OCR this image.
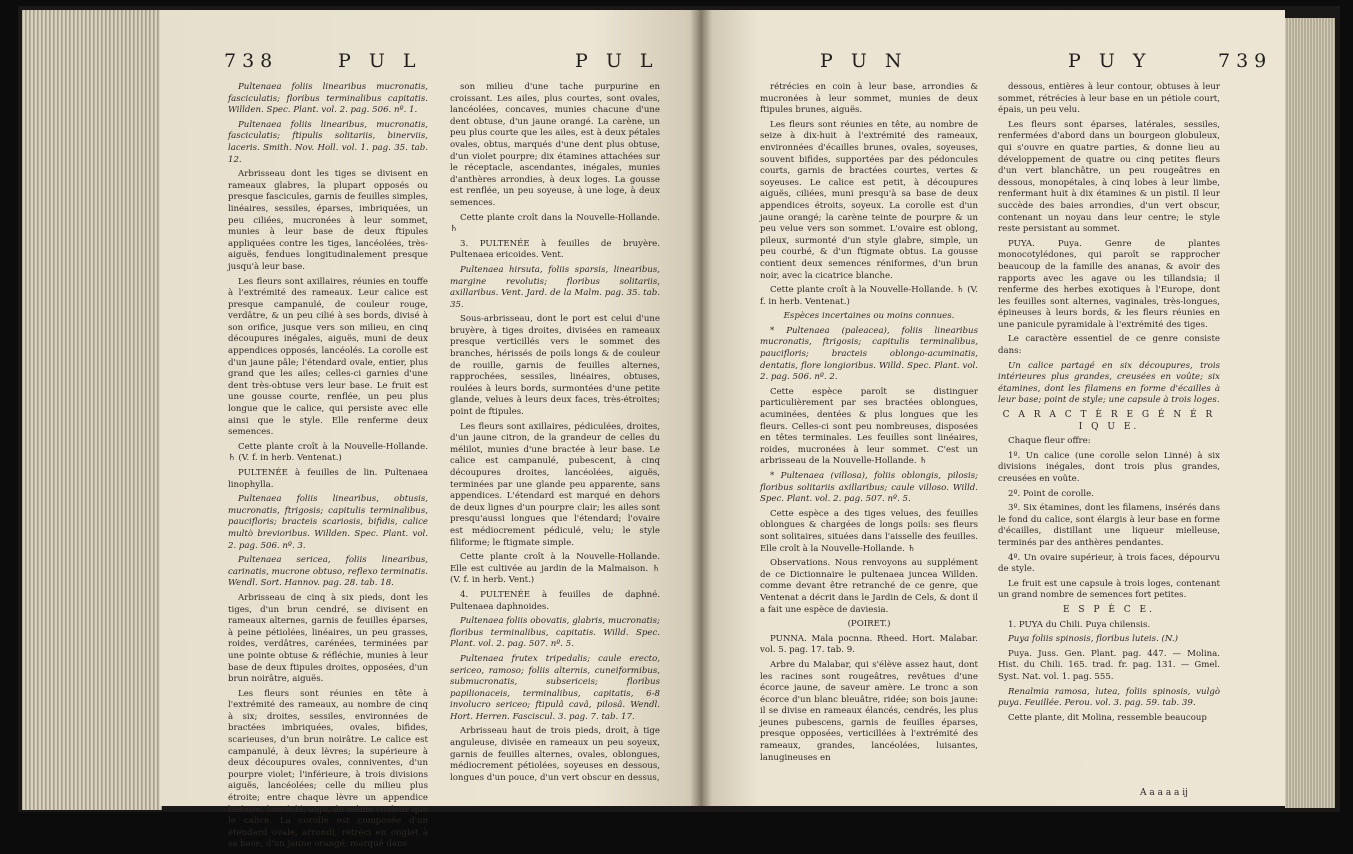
738	P U L	P U L

Pultenaea foliis linearibus mucronatis, fasciculatis; floribus terminalibus capitatis. Willden. Spec. Plant. vol. 2. pag. 506. nº. 1.

Pultenaea foliis linearibus, mucronatis, fasciculatis; ftipulis solitariis, binerviis, laceris. Smith. Nov. Holl. vol. 1. pag. 35. tab. 12.

Arbrisseau dont les tiges se divisent en rameaux glabres, la plupart opposés ou presque fascicules, garnis de feuilles simples, linéaires, sessiles, éparses, imbriquées, un peu ciliées, mucronées à leur sommet, munies à leur base de deux ftipules appliquées contre les tiges, lancéolées, très-aiguës, fendues longitudinalement presque jusqu'à leur base.

Les fleurs sont axillaires, réunies en touffe à l'extrémité des rameaux. Leur calice est presque campanulé, de couleur rouge, verdâtre, & un peu cilié à ses bords, divisé à son orifice, jusque vers son milieu, en cinq découpures inégales, aiguës, muni de deux appendices opposés, lancéolés. La corolle est d'un jaune pâle; l'étendard ovale, entier, plus grand que les ailes; celles-ci garnies d'une dent très-obtuse vers leur base. Le fruit est une gousse courte, renflée, un peu plus longue que le calice, qui persiste avec elle ainsi que le style. Elle renferme deux semences.

Cette plante croît à la Nouvelle-Hollande. ♄ (V. f. in herb. Ventenat.)

PULTENÉE à feuilles de lin. Pultenaea linophylla.

Pultenaea foliis linearibus, obtusis, mucronatis, ftrigosis; capitulis terminalibus, paucifloris; bracteis scariosis, bifidis, calice multò brevioribus. Willden. Spec. Plant. vol. 2. pag. 506. nº. 3.

Pultenaea sericea, foliis linearibus, carinatis, mucrone obtuso, reflexo terminatis. Wendl. Sort. Hannov. pag. 28. tab. 18.

Arbrisseau de cinq à six pieds, dont les tiges, d'un brun cendré, se divisent en rameaux alternes, garnis de feuilles éparses, à peine pétiolées, linéaires, un peu grasses, roides, verdâtres, carénées, terminées par une pointe obtuse & réfléchie, munies à leur base de deux ftipules droites, opposées, d'un brun noirâtre, aiguës.

Les fleurs sont réunies en tête à l'extrémité des rameaux, au nombre de cinq à six; droites, sessiles, environnées de bractées imbriquées, ovales, bifides, scarieuses, d'un brun noirâtre. Le calice est campanulé, à deux lèvres; la supérieure à deux découpures ovales, conniventes, d'un pourpre violet; l'inférieure, à trois divisions aiguës, lancéolées; celle du milieu plus étroite; entre chaque lèvre un appendice linéaire, lancéolé, aigu, de même couleur que le calice. La corolle est composée d'un étendard ovale, arrondi, rétréci en onglet à sa base, d'un jaune orangé, marqué dans

son milieu d'une tache purpurine en croissant. Les ailes, plus courtes, sont ovales, lancéolées, concaves, munies chacune d'une dent obtuse, d'un jaune orangé. La carène, un peu plus courte que les ailes, est à deux pétales ovales, obtus, marqués d'une dent plus obtuse, d'un violet pourpre; dix étamines attachées sur le réceptacle, ascendantes, inégales, munies d'anthères arrondies, à deux loges. La gousse est renflée, un peu soyeuse, à une loge, à deux semences.

Cette plante croît dans la Nouvelle-Hollande. ♄

3. PULTENÉE à feuilles de bruyère. Pultenaea ericoides. Vent.

Pultenaea hirsuta, foliis sparsis, linearibus, margine revolutis; floribus solitariis, axillaribus. Vent. Jard. de la Malm. pag. 35. tab. 35.

Sous-arbrisseau, dont le port est celui d'une bruyère, à tiges droites, divisées en rameaux presque verticillés vers le sommet des branches, hérissés de poils longs & de couleur de rouille, garnis de feuilles alternes, rapprochées, sessiles, linéaires, obtuses, roulées à leurs bords, surmontées d'une petite glande, velues à leurs deux faces, très-étroites; point de ftipules.

Les fleurs sont axillaires, pédiculées, droites, d'un jaune citron, de la grandeur de celles du mélilot, munies d'une bractée à leur base. Le calice est campanulé, pubescent, à cinq découpures droites, lancéolées, aiguës, terminées par une glande peu apparente, sans appendices. L'étendard est marqué en dehors de deux lignes d'un pourpre clair; les ailes sont presqu'aussi longues que l'étendard; l'ovaire est médiocrement pédiculé, velu; le style filiforme; le ftigmate simple.

Cette plante croît à la Nouvelle-Hollande. Elle est cultivée au jardin de la Malmaison. ♄ (V. f. in herb. Vent.)

4. PULTENÉE à feuilles de daphné. Pultenaea daphnoides.

Pultenaea foliis obovatis, glabris, mucronatis; floribus terminalibus, capitatis. Willd. Spec. Plant. vol. 2. pag. 507. nº. 5.

Pultenaea frutex tripedalis; caule erecto, sericeo, ramoso; foliis alternis, cuneiformibus, submucronatis, subsericeis; floribus papilionaceis, terminalibus, capitatis, 6-8 involucro sericeo; ftipulâ cavâ, pilosâ. Wendl. Hort. Herren. Fasciscul. 3. pag. 7. tab. 17.

Arbrisseau haut de trois pieds, droit, à tige anguleuse, divisée en rameaux un peu soyeux, garnis de feuilles alternes, ovales, oblongues, médiocrement pétiolées, soyeuses en dessous, longues d'un pouce, d'un vert obscur en dessus,

P U N	P U Y	739

rétrécies en coin à leur base, arrondies & mucronées à leur sommet, munies de deux ftipules brunes, aiguës.

Les fleurs sont réunies en tête, au nombre de seize à dix-huit à l'extrémité des rameaux, environnées d'écailles brunes, ovales, soyeuses, souvent bifides, supportées par des pédoncules courts, garnis de bractées courtes, vertes & soyeuses. Le calice est petit, à découpures aiguës, ciliées, muni presqu'à sa base de deux appendices étroits, soyeux. La corolle est d'un jaune orangé; la carène teinte de pourpre & un peu velue vers son sommet. L'ovaire est oblong, pileux, surmonté d'un style glabre, simple, un peu courbé, & d'un ftigmate obtus. La gousse contient deux semences réniformes, d'un brun noir, avec la cicatrice blanche.

Cette plante croît à la Nouvelle-Hollande. ♄ (V. f. in herb. Ventenat.)

Espèces incertaines ou moins connues.

* Pultenaea (paleacea), foliis linearibus mucronatis, ftrigosis; capitulis terminalibus, paucifloris; bracteis oblongo-acuminatis, dentatis, flore longioribus. Willd. Spec. Plant. vol. 2. pag. 506. nº. 2.

Cette espèce paroît se distinguer particulièrement par ses bractées oblongues, acuminées, dentées & plus longues que les fleurs. Celles-ci sont peu nombreuses, disposées en têtes terminales. Les feuilles sont linéaires, roides, mucronées à leur sommet. C'est un arbrisseau de la Nouvelle-Hollande. ♄

* Pultenaea (villosa), foliis oblongis, pilosis; floribus solitariis axillaribus; caule villoso. Willd. Spec. Plant. vol. 2. pag. 507. nº. 5.

Cette espèce a des tiges velues, des feuilles oblongues & chargées de longs poils: ses fleurs sont solitaires, situées dans l'aisselle des feuilles. Elle croît à la Nouvelle-Hollande. ♄

Observations. Nous renvoyons au supplément de ce Dictionnaire le pultenaea juncea Willden. comme devant être retranché de ce genre, que Ventenat a décrit dans le Jardin de Cels, & dont il a fait une espèce de daviesia.

(POIRET.)

PUNNA. Mala pocnna. Rheed. Hort. Malabar. vol. 5. pag. 17. tab. 9.

Arbre du Malabar, qui s'élève assez haut, dont les racines sont rougeâtres, revêtues d'une écorce jaune, de saveur amère. Le tronc a son écorce d'un blanc bleuâtre, ridée; son bois jaune: il se divise en rameaux élancés, cendrés, les plus jeunes pubescens, garnis de feuilles éparses, presque opposées, verticillées à l'extrémité des rameaux, grandes, lancéolées, luisantes, lanugineuses en

dessous, entières à leur contour, obtuses à leur sommet, rétrécies à leur base en un pétiole court, épais, un peu velu.

Les fleurs sont éparses, latérales, sessiles, renfermées d'abord dans un bourgeon globuleux, qui s'ouvre en quatre parties, & donne lieu au développement de quatre ou cinq petites fleurs d'un vert blanchâtre, un peu rougeâtres en dessous, monopétales, à cinq lobes à leur limbe, renfermant huit à dix étamines & un pistil. Il leur succède des baies arrondies, d'un vert obscur, contenant un noyau dans leur centre; le style reste persistant au sommet.

PUYA. Puya. Genre de plantes monocotylédones, qui paroît se rapprocher beaucoup de la famille des ananas, & avoir des rapports avec les agave ou les tillandsia; il renferme des herbes exotiques à l'Europe, dont les feuilles sont alternes, vaginales, très-longues, épineuses à leurs bords, & les fleurs réunies en une panicule pyramidale à l'extrémité des tiges.

Le caractère essentiel de ce genre consiste dans:

Un calice partagé en six découpures, trois intérieures plus grandes, creusées en voûte; six étamines, dont les filamens en forme d'écailles à leur base; point de style; une capsule à trois loges.

C A R A C T È R E G É N É R I Q U E.

Chaque fleur offre:

1º. Un calice (une corolle selon Linné) à six divisions inégales, dont trois plus grandes, creusées en voûte.

2º. Point de corolle.

3º. Six étamines, dont les filamens, insérés dans le fond du calice, sont élargis à leur base en forme d'écailles, distillant une liqueur mielleuse, terminés par des anthères pendantes.

4º. Un ovaire supérieur, à trois faces, dépourvu de style.

Le fruit est une capsule à trois loges, contenant un grand nombre de semences fort petites.

E S P È C E.

1. PUYA du Chili. Puya chilensis.

Puya foliis spinosis, floribus luteis. (N.)

Puya. Juss. Gen. Plant. pag. 447. — Molina. Hist. du Chili. 165. trad. fr. pag. 131. — Gmel. Syst. Nat. vol. 1. pag. 555.

Renalmia ramosa, lutea, foliis spinosis, vulgò puya. Feuillée. Perou. vol. 3. pag. 59. tab. 39.

Cette plante, dit Molina, ressemble beaucoup

A a a a a ij
